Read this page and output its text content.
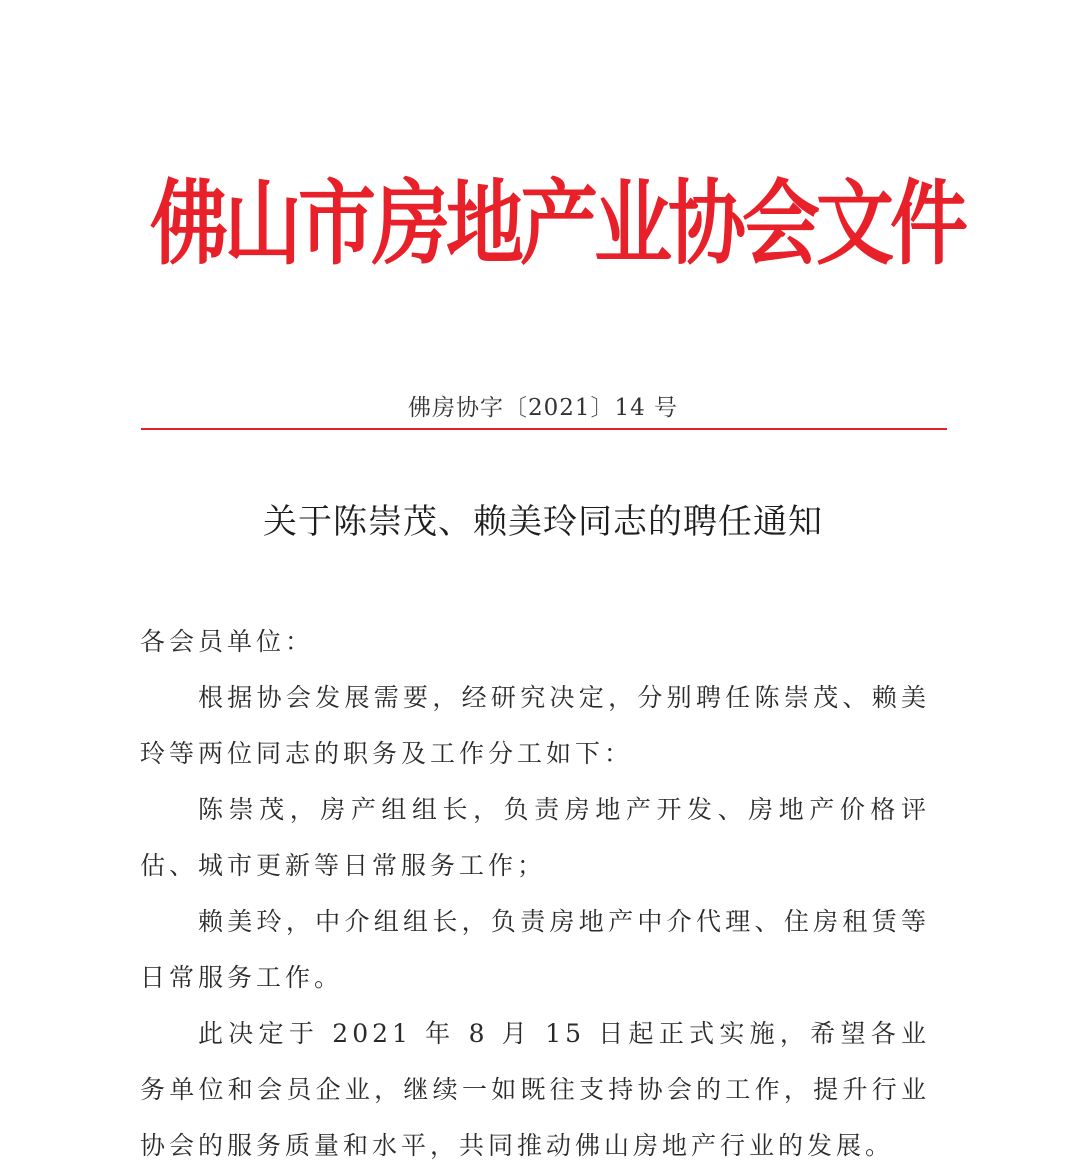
佛山市房地产业协会文件
佛房协字〔2021〕14 号
关于陈崇茂、赖美玲同志的聘任通知
各会员单位：

根据协会发展需要，经研究决定，分别聘任陈崇茂、赖美玲等两位同志的职务及工作分工如下：

陈崇茂，房产组组长，负责房地产开发、房地产价格评估、城市更新等日常服务工作；

赖美玲，中介组组长，负责房地产中介代理、住房租赁等日常服务工作。

此决定于 2021 年 8 月 15 日起正式实施，希望各业务单位和会员企业，继续一如既往支持协会的工作，提升行业协会的服务质量和水平，共同推动佛山房地产行业的发展。
